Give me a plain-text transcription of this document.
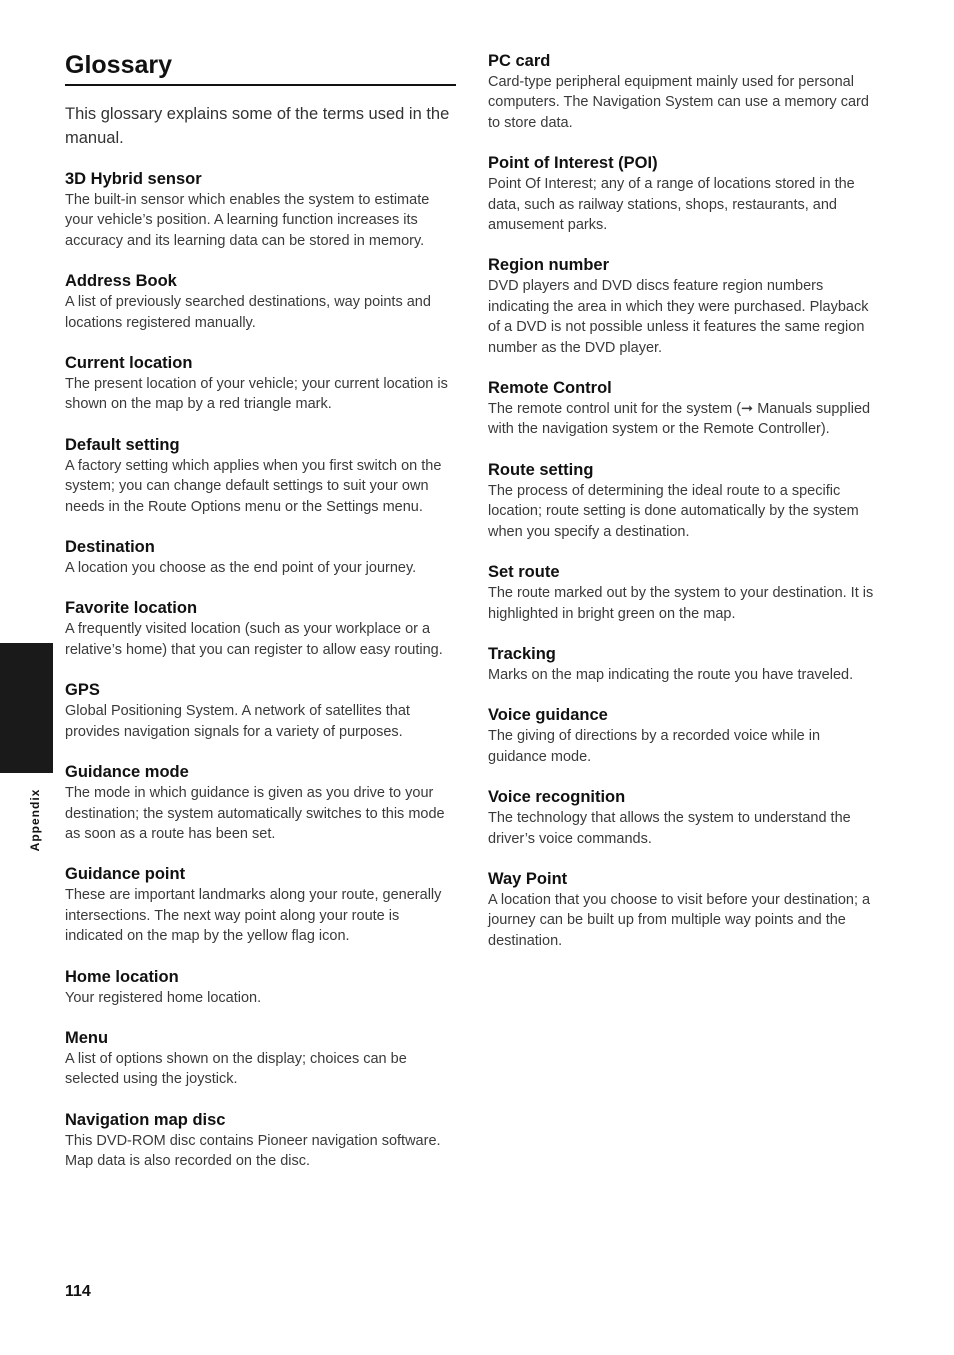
Glossary

This glossary explains some of the terms used in the manual.

3D Hybrid sensor

The built-in sensor which enables the system to estimate your vehicle’s position. A learning function increases its accuracy and its learning data can be stored in memory.

Address Book

A list of previously searched destinations, way points and locations registered manually.

Current location

The present location of your vehicle; your current location is shown on the map by a red triangle mark.

Default setting

A factory setting which applies when you first switch on the system; you can change default settings to suit your own needs in the Route Options menu or the Settings menu.

Destination

A location you choose as the end point of your journey.

Favorite location

A frequently visited location (such as your workplace or a relative’s home) that you can register to allow easy routing.

GPS

Global Positioning System. A network of satellites that provides navigation signals for a variety of purposes.

Guidance mode

The mode in which guidance is given as you drive to your destination; the system automatically switches to this mode as soon as a route has been set.

Guidance point

These are important landmarks along your route, generally intersections. The next way point along your route is indicated on the map by the yellow flag icon.

Home location

Your registered home location.

Menu

A list of options shown on the display; choices can be selected using the joystick.

Navigation map disc

This DVD-ROM disc contains Pioneer navigation software. Map data is also recorded on the disc.

PC card

Card-type peripheral equipment mainly used for personal computers. The Navigation System can use a memory card to store data.

Point of Interest (POI)

Point Of Interest; any of a range of locations stored in the data, such as railway stations, shops, restaurants, and amusement parks.

Region number

DVD players and DVD discs feature region numbers indicating the area in which they were purchased. Playback of a DVD is not possible unless it features the same region number as the DVD player.

Remote Control

The remote control unit for the system (➞ Manuals supplied with the navigation system or the Remote Controller).

Route setting

The process of determining the ideal route to a specific location; route setting is done automatically by the system when you specify a destination.

Set route

The route marked out by the system to your destination. It is highlighted in bright green on the map.

Tracking

Marks on the map indicating the route you have traveled.

Voice guidance

The giving of directions by a recorded voice while in guidance mode.

Voice recognition

The technology that allows the system to understand the driver’s voice commands.

Way Point

A location that you choose to visit before your destination; a journey can be built up from multiple way points and the destination.

Appendix
114
